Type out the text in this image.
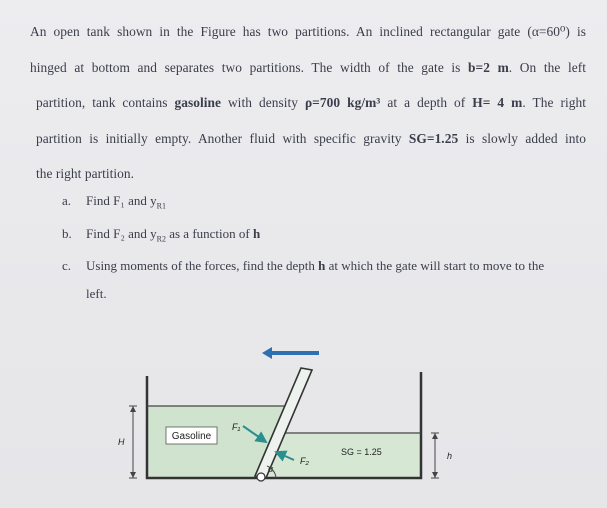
An open tank shown in the Figure has two partitions. An inclined rectangular gate (α=60⁰) is
hinged at bottom and separates two partitions. The width of the gate is b=2 m. On the left
partition, tank contains gasoline with density ρ=700 kg/m³ at a depth of H= 4 m. The right
partition is initially empty. Another fluid with specific gravity SG=1.25 is slowly added into
the right partition.
a. Find F₁ and $y_{R1}$
b. Find F₂ and $y_{R2}$ as a function of h
c. Using moments of the forces, find the depth h at which the gate will start to move to the
left.
α
F₁
F₂
Gasoline
SG = 1.25
H
h
